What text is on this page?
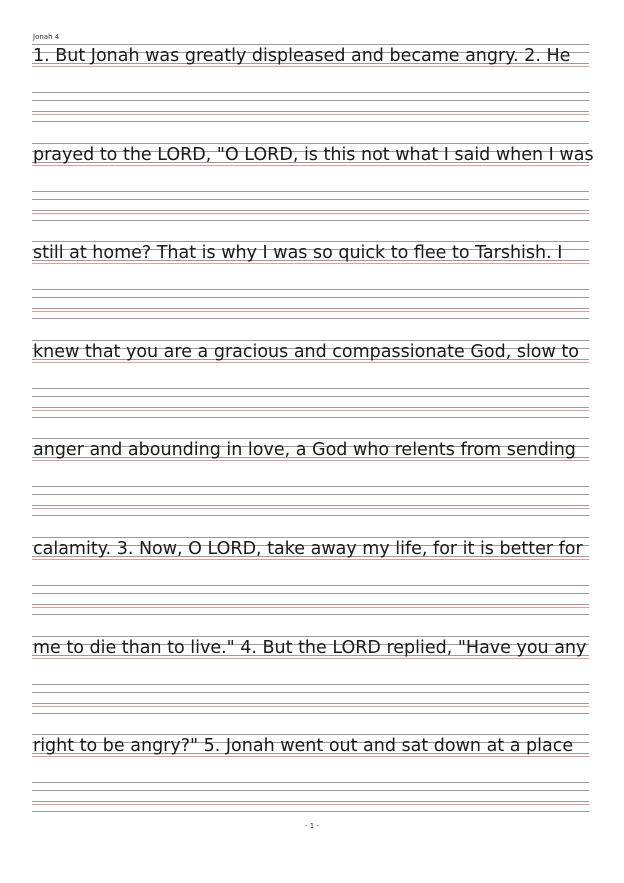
Jonah 4
1. But Jonah was greatly displeased and became angry. 2. He
prayed to the LORD, "O LORD, is this not what I said when I was
still at home? That is why I was so quick to flee to Tarshish. I
knew that you are a gracious and compassionate God, slow to
anger and abounding in love, a God who relents from sending
calamity. 3. Now, O LORD, take away my life, for it is better for
me to die than to live." 4. But the LORD replied, "Have you any
right to be angry?" 5. Jonah went out and sat down at a place
- 1 -
